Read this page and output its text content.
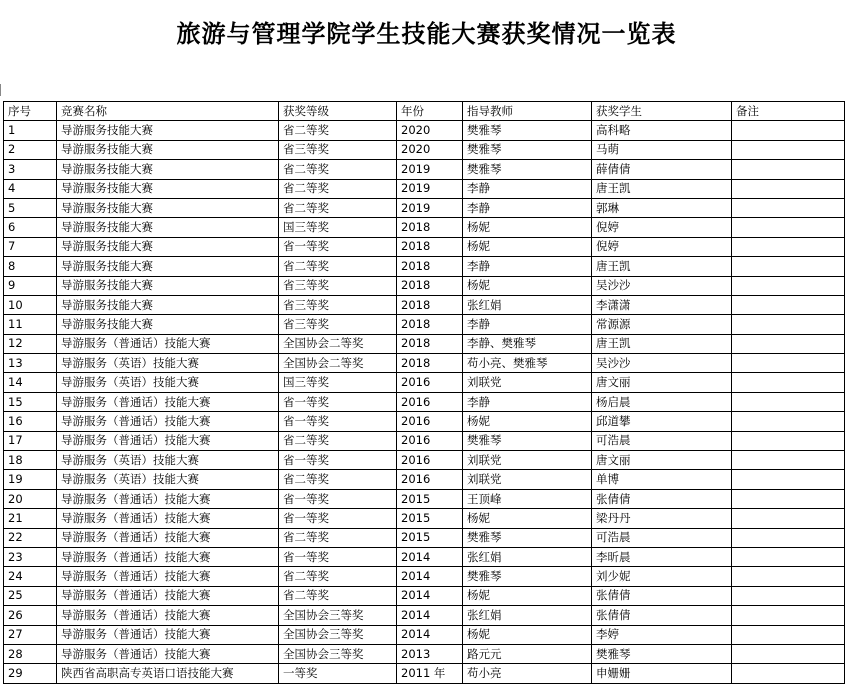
旅游与管理学院学生技能大赛获奖情况一览表
序号	竞赛名称	获奖等级	年份	指导教师	获奖学生	备注
1	导游服务技能大赛	省二等奖	2020	樊雅琴	高科略	
2	导游服务技能大赛	省三等奖	2020	樊雅琴	马萌	
3	导游服务技能大赛	省二等奖	2019	樊雅琴	薛倩倩	
4	导游服务技能大赛	省二等奖	2019	李静	唐王凯	
5	导游服务技能大赛	省二等奖	2019	李静	郭琳	
6	导游服务技能大赛	国三等奖	2018	杨妮	倪婷	
7	导游服务技能大赛	省一等奖	2018	杨妮	倪婷	
8	导游服务技能大赛	省二等奖	2018	李静	唐王凯	
9	导游服务技能大赛	省三等奖	2018	杨妮	吴沙沙	
10	导游服务技能大赛	省三等奖	2018	张红娟	李潇潇	
11	导游服务技能大赛	省三等奖	2018	李静	常源源	
12	导游服务（普通话）技能大赛	全国协会二等奖	2018	李静、樊雅琴	唐王凯	
13	导游服务（英语）技能大赛	全国协会二等奖	2018	苟小亮、樊雅琴	吴沙沙	
14	导游服务（英语）技能大赛	国三等奖	2016	刘联党	唐文丽	
15	导游服务（普通话）技能大赛	省一等奖	2016	李静	杨启晨	
16	导游服务（普通话）技能大赛	省一等奖	2016	杨妮	邱道攀	
17	导游服务（普通话）技能大赛	省二等奖	2016	樊雅琴	可浩晨	
18	导游服务（英语）技能大赛	省一等奖	2016	刘联党	唐文丽	
19	导游服务（英语）技能大赛	省二等奖	2016	刘联党	单博	
20	导游服务（普通话）技能大赛	省一等奖	2015	王顶峰	张倩倩	
21	导游服务（普通话）技能大赛	省一等奖	2015	杨妮	梁丹丹	
22	导游服务（普通话）技能大赛	省二等奖	2015	樊雅琴	可浩晨	
23	导游服务（普通话）技能大赛	省一等奖	2014	张红娟	李昕晨	
24	导游服务（普通话）技能大赛	省二等奖	2014	樊雅琴	刘少妮	
25	导游服务（普通话）技能大赛	省二等奖	2014	杨妮	张倩倩	
26	导游服务（普通话）技能大赛	全国协会三等奖	2014	张红娟	张倩倩	
27	导游服务（普通话）技能大赛	全国协会三等奖	2014	杨妮	李婷	
28	导游服务（普通话）技能大赛	全国协会三等奖	2013	路元元	樊雅琴	
29	陕西省高职高专英语口语技能大赛	一等奖	2011 年	苟小亮	申姗姗	
